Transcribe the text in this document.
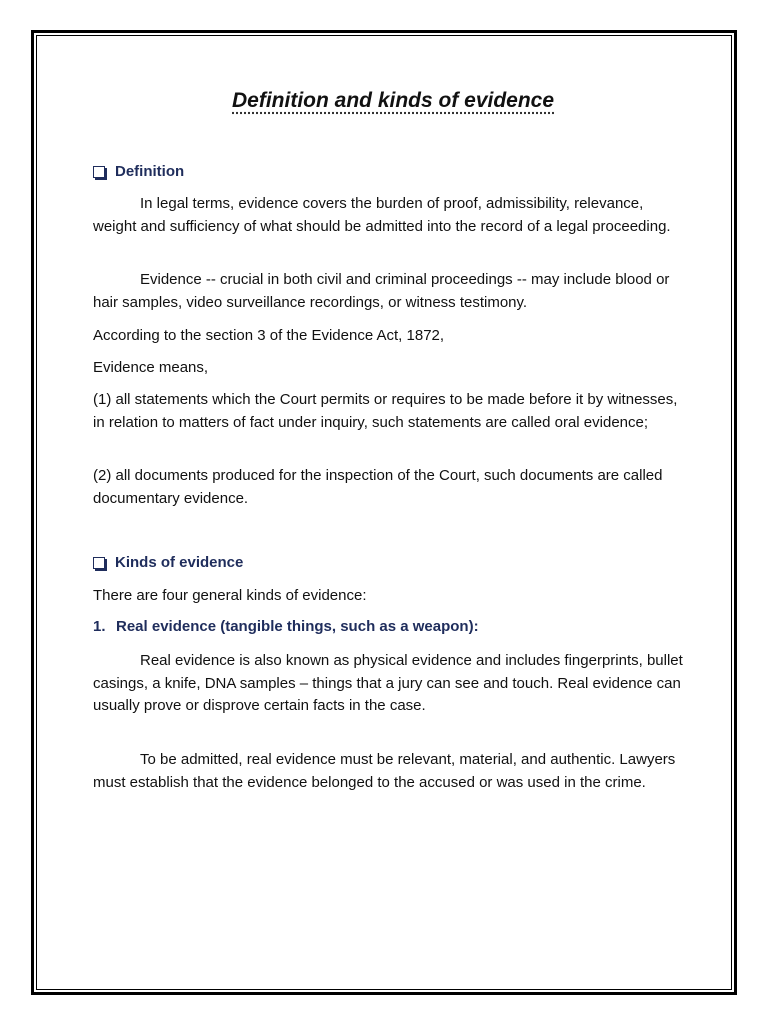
Definition and kinds of evidence
Definition

In legal terms, evidence covers the burden of proof, admissibility, relevance, weight and sufficiency of what should be admitted into the record of a legal proceeding.

Evidence -- crucial in both civil and criminal proceedings -- may include blood or hair samples, video surveillance recordings, or witness testimony.

According to the section 3 of the Evidence Act, 1872,

Evidence means,

(1) all statements which the Court permits or requires to be made before it by witnesses, in relation to matters of fact under inquiry, such statements are called oral evidence;

(2) all documents produced for the inspection of the Court, such documents are called documentary evidence.

Kinds of evidence

There are four general kinds of evidence:

1. Real evidence (tangible things, such as a weapon):

Real evidence is also known as physical evidence and includes fingerprints, bullet casings, a knife, DNA samples – things that a jury can see and touch. Real evidence can usually prove or disprove certain facts in the case.

To be admitted, real evidence must be relevant, material, and authentic. Lawyers must establish that the evidence belonged to the accused or was used in the crime.
